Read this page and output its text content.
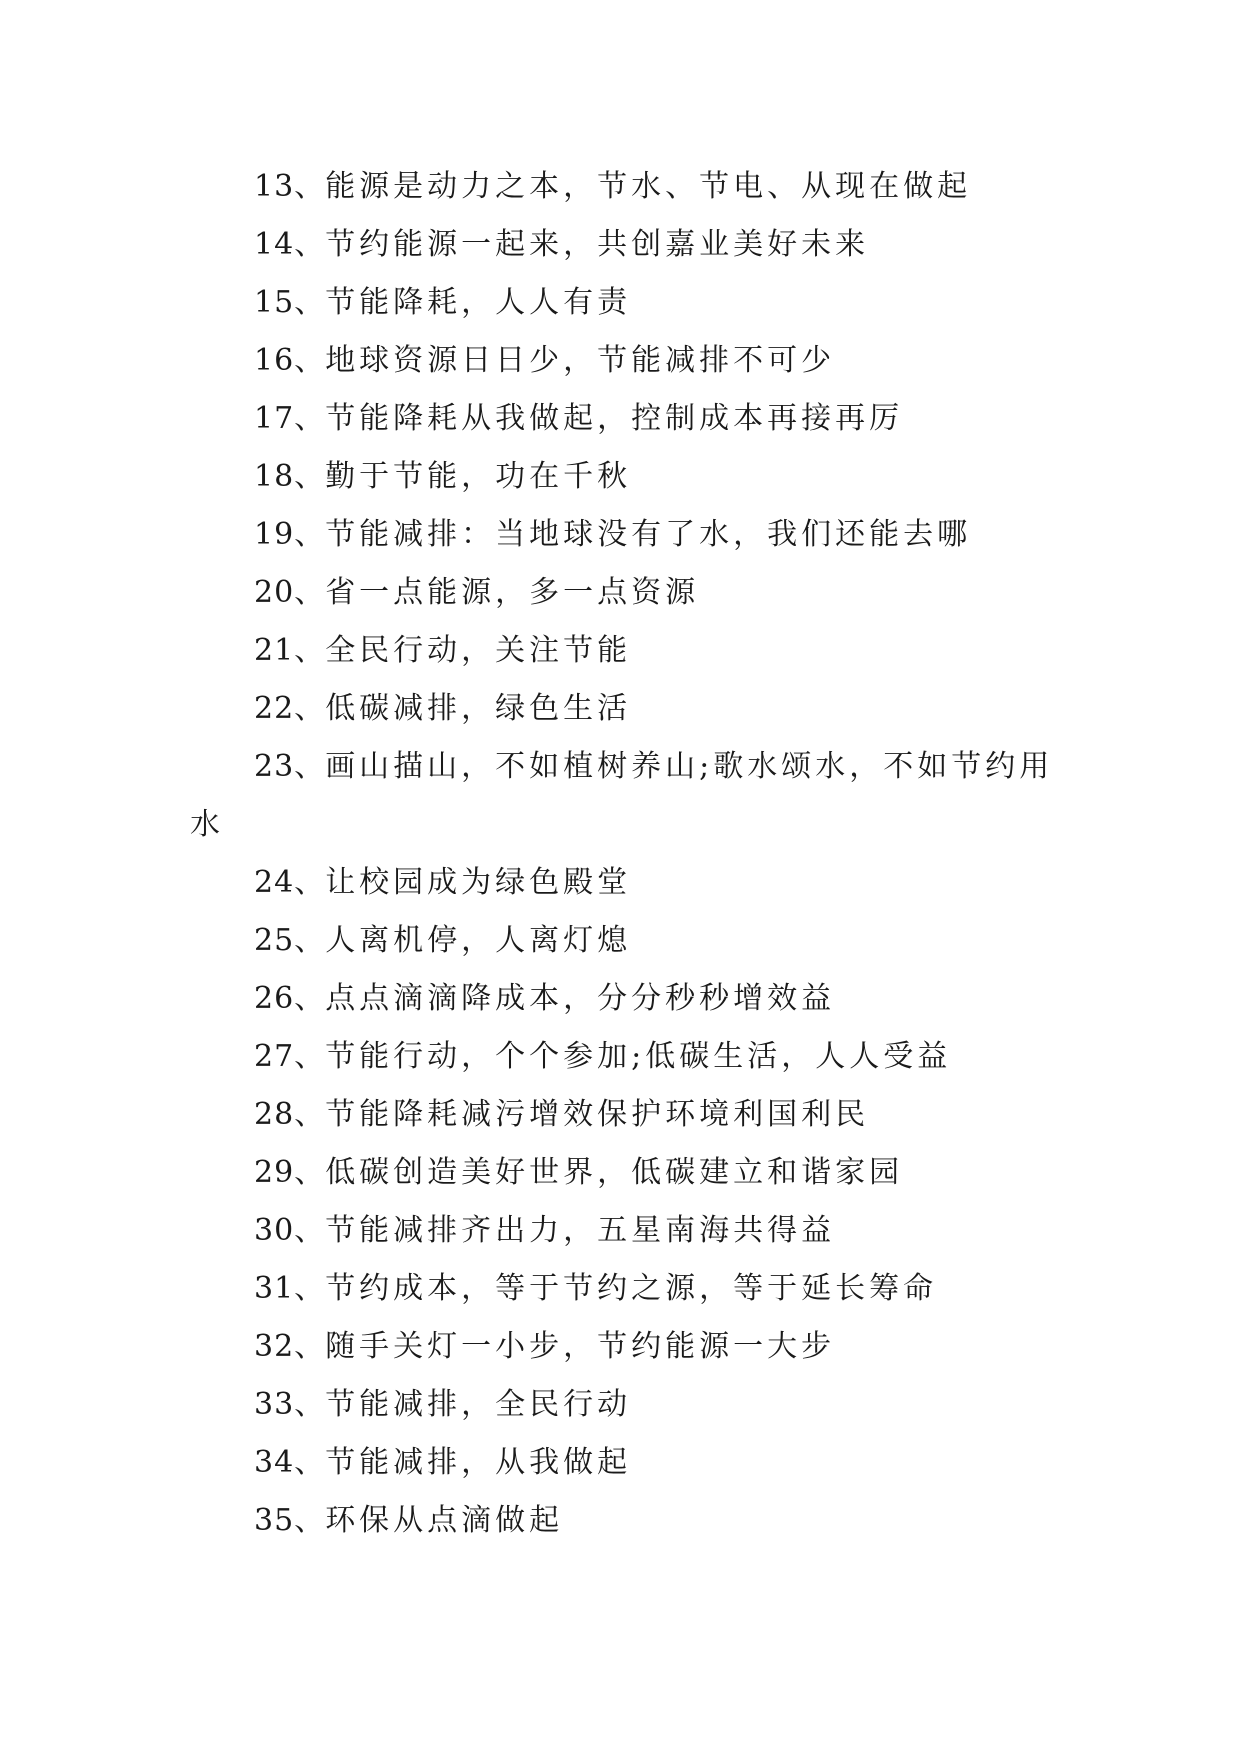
13、能源是动力之本，节水、节电、从现在做起
14、节约能源一起来，共创嘉业美好未来
15、节能降耗，人人有责
16、地球资源日日少，节能减排不可少
17、节能降耗从我做起，控制成本再接再厉
18、勤于节能，功在千秋
19、节能减排：当地球没有了水，我们还能去哪
20、省一点能源，多一点资源
21、全民行动，关注节能
22、低碳减排，绿色生活
23、画山描山，不如植树养山;歌水颂水，不如节约用
水
24、让校园成为绿色殿堂
25、人离机停，人离灯熄
26、点点滴滴降成本，分分秒秒增效益
27、节能行动，个个参加;低碳生活，人人受益
28、节能降耗减污增效保护环境利国利民
29、低碳创造美好世界，低碳建立和谐家园
30、节能减排齐出力，五星南海共得益
31、节约成本，等于节约之源，等于延长筹命
32、随手关灯一小步，节约能源一大步
33、节能减排，全民行动
34、节能减排，从我做起
35、环保从点滴做起
